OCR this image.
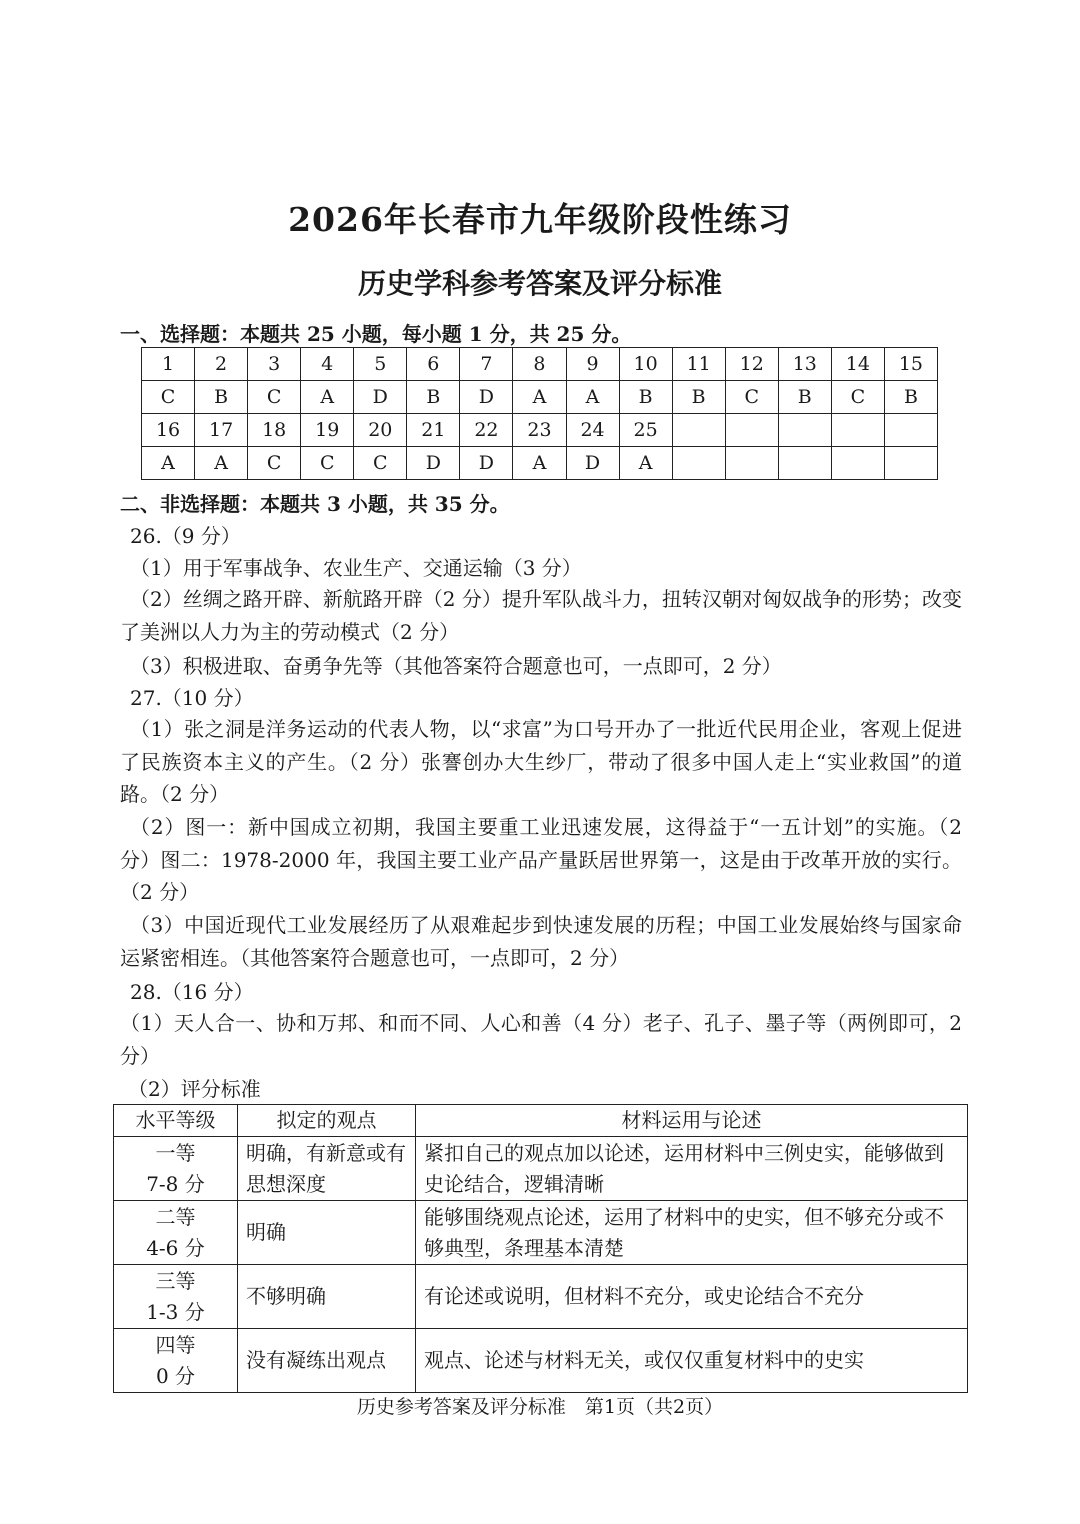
2026年长春市九年级阶段性练习
历史学科参考答案及评分标准
一、选择题：本题共 25 小题，每小题 1 分，共 25 分。
1	2	3	4	5	6	7	8	9	10	11	12	13	14	15
C	B	C	A	D	B	D	A	A	B	B	C	B	C	B
16	17	18	19	20	21	22	23	24	25					
A	A	C	C	C	D	D	A	D	A					
二、非选择题：本题共 3 小题，共 35 分。
26.（9 分）
（1）用于军事战争、农业生产、交通运输（3 分）
（2）丝绸之路开辟、新航路开辟（2 分）提升军队战斗力，扭转汉朝对匈奴战争的形势；改变了美洲以人力为主的劳动模式（2 分）
（3）积极进取、奋勇争先等（其他答案符合题意也可，一点即可，2 分）
27.（10 分）
（1）张之洞是洋务运动的代表人物，以“求富”为口号开办了一批近代民用企业，客观上促进了民族资本主义的产生。（2 分）张謇创办大生纱厂，带动了很多中国人走上“实业救国”的道路。（2 分）
（2）图一：新中国成立初期，我国主要重工业迅速发展，这得益于“一五计划”的实施。（2 分）图二：1978-2000 年，我国主要工业产品产量跃居世界第一，这是由于改革开放的实行。（2 分）
（3）中国近现代工业发展经历了从艰难起步到快速发展的历程；中国工业发展始终与国家命运紧密相连。（其他答案符合题意也可，一点即可，2 分）
28.（16 分）
（1）天人合一、协和万邦、和而不同、人心和善（4 分）老子、孔子、墨子等（两例即可，2 分）
（2）评分标准
水平等级	拟定的观点	材料运用与论述

一等
7-8 分	明确，有新意或有思想深度	紧扣自己的观点加以论述，运用材料中三例史实，能够做到史论结合，逻辑清晰

二等
4-6 分	明确	能够围绕观点论述，运用了材料中的史实，但不够充分或不够典型，条理基本清楚

三等
1-3 分	不够明确	有论述或说明，但材料不充分，或史论结合不充分

四等
0 分	没有凝练出观点	观点、论述与材料无关，或仅仅重复材料中的史实
历史参考答案及评分标准　第1页（共2页）
